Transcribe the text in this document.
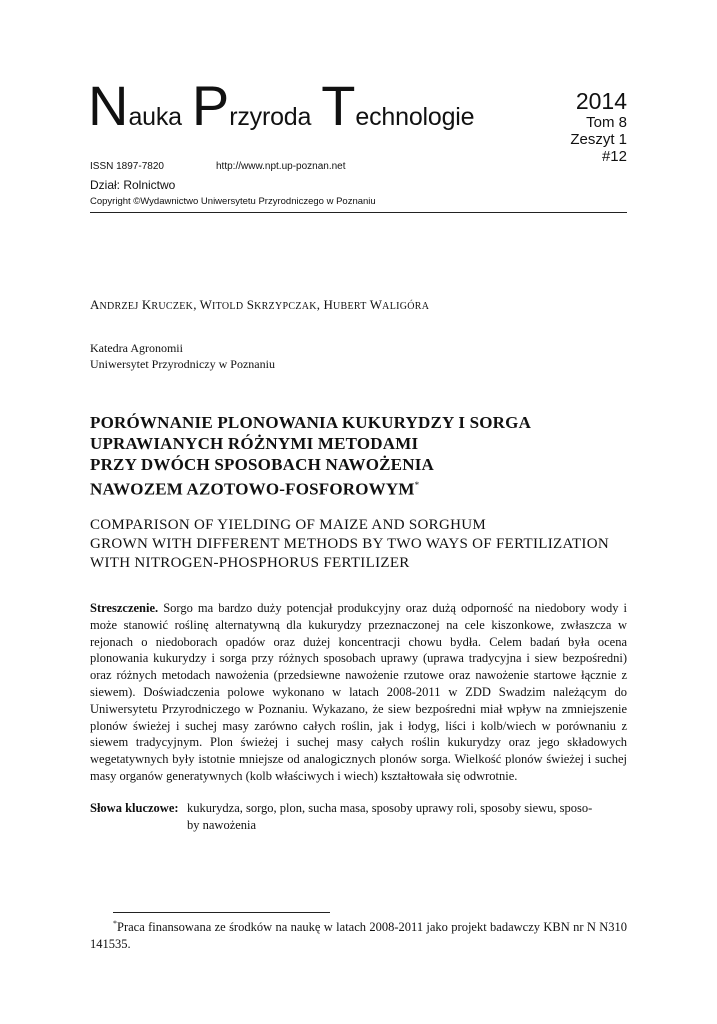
Nauka Przyroda Technologie
2014
Tom 8
Zeszyt 1
#12
ISSN 1897-7820	http://www.npt.up-poznan.net
Dział: Rolnictwo
Copyright ©Wydawnictwo Uniwersytetu Przyrodniczego w Poznaniu
ANDRZEJ KRUCZEK, WITOLD SKRZYPCZAK, HUBERT WALIGÓRA
Katedra Agronomii
Uniwersytet Przyrodniczy w Poznaniu
PORÓWNANIE PLONOWANIA KUKURYDZY I SORGA
UPRAWIANYCH RÓŻNYMI METODAMI
PRZY DWÓCH SPOSOBACH NAWOŻENIA
NAWOZEM AZOTOWO-FOSFOROWYM*
COMPARISON OF YIELDING OF MAIZE AND SORGHUM
GROWN WITH DIFFERENT METHODS BY TWO WAYS OF FERTILIZATION
WITH NITROGEN-PHOSPHORUS FERTILIZER
Streszczenie. Sorgo ma bardzo duży potencjał produkcyjny oraz dużą odporność na niedobory wody i może stanowić roślinę alternatywną dla kukurydzy przeznaczonej na cele kiszonkowe, zwłaszcza w rejonach o niedoborach opadów oraz dużej koncentracji chowu bydła. Celem badań była ocena plonowania kukurydzy i sorga przy różnych sposobach uprawy (uprawa tradycyjna i siew bezpośredni) oraz różnych metodach nawożenia (przedsiewne nawożenie rzutowe oraz nawożenie startowe łącznie z siewem). Doświadczenia polowe wykonano w latach 2008-2011 w ZDD Swadzim należącym do Uniwersytetu Przyrodniczego w Poznaniu. Wykazano, że siew bezpośredni miał wpływ na zmniejszenie plonów świeżej i suchej masy zarówno całych roślin, jak i łodyg, liści i kolb/wiech w porównaniu z siewem tradycyjnym. Plon świeżej i suchej masy całych roślin kukurydzy oraz jego składowych wegetatywnych były istotnie mniejsze od analogicznych plonów sorga. Wielkość plonów świeżej i suchej masy organów generatywnych (kolb właściwych i wiech) kształtowała się odwrotnie.
Słowa kluczowe: kukurydza, sorgo, plon, sucha masa, sposoby uprawy roli, sposoby siewu, sposo-
by nawożenia
*Praca finansowana ze środków na naukę w latach 2008-2011 jako projekt badawczy KBN nr N N310 141535.
